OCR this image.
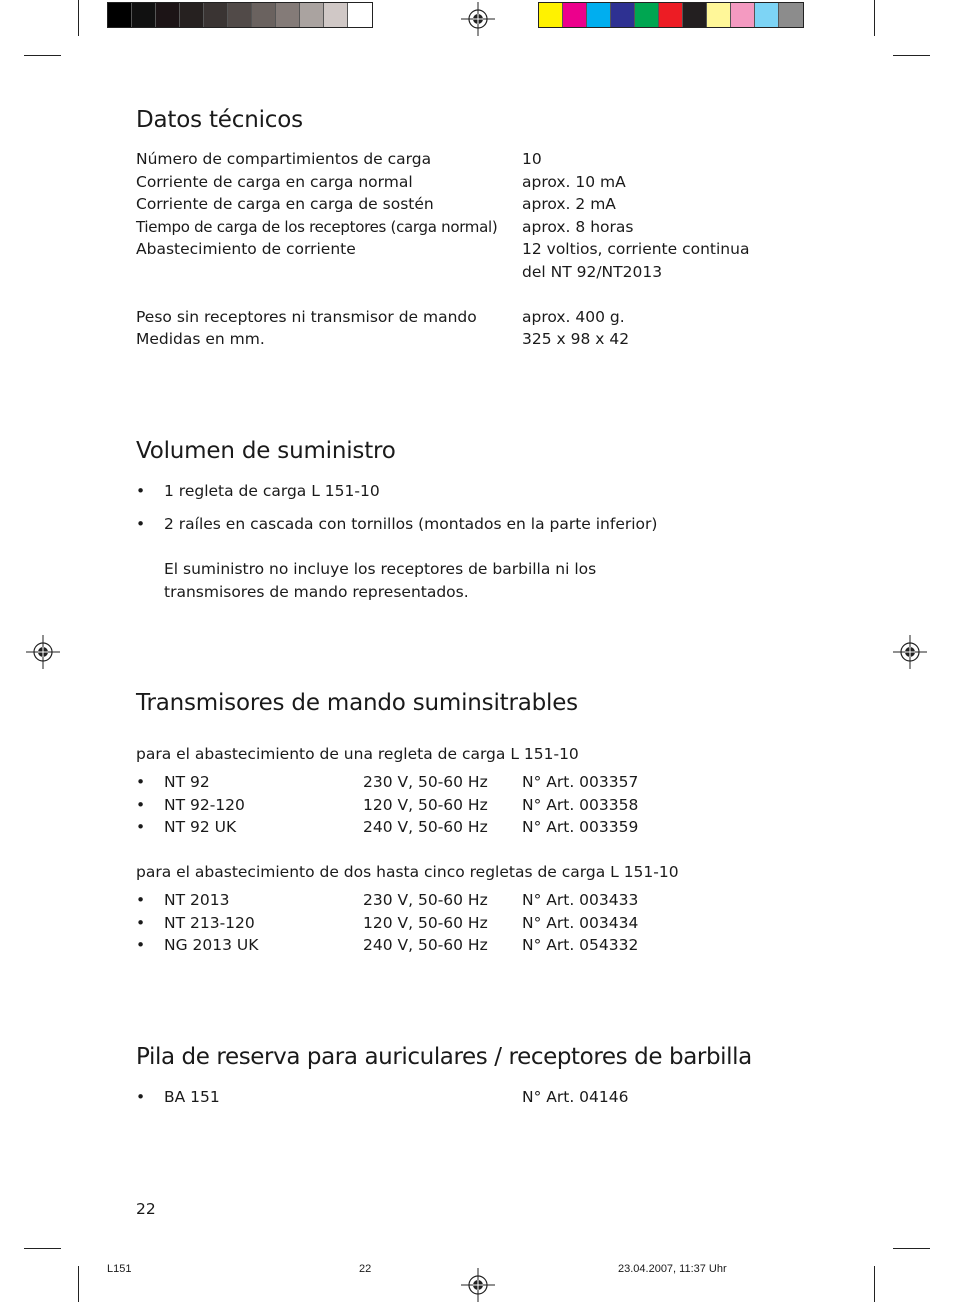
Datos técnicos
Número de compartimientos de carga	10
Corriente de carga en carga normal	aprox. 10 mA
Corriente de carga en carga de sostén	aprox. 2 mA
Tiempo de carga de los receptores (carga normal) aprox. 8 horas
Abastecimiento de corriente	12 voltios, corriente continua
del NT 92/NT2013
Peso sin receptores ni transmisor de mando	aprox. 400 g.
Medidas en mm.	325 x 98 x 42
Volumen de suministro
• 1 regleta de carga L 151-10
• 2 raíles en cascada con tornillos (montados en la parte inferior)
El suministro no incluye los receptores de barbilla ni los
transmisores de mando representados.
Transmisores de mando suminsitrables
para el abastecimiento de una regleta de carga L 151-10
• NT 92	230 V, 50-60 Hz N° Art. 003357
• NT 92-120	120 V, 50-60 Hz N° Art. 003358
• NT 92 UK	240 V, 50-60 Hz N° Art. 003359
para el abastecimiento de dos hasta cinco regletas de carga L 151-10
• NT 2013	230 V, 50-60 Hz N° Art. 003433
• NT 213-120	120 V, 50-60 Hz N° Art. 003434
• NG 2013 UK	240 V, 50-60 Hz N° Art. 054332
Pila de reserva para auriculares / receptores de barbilla
• BA 151	N° Art. 04146
22
L151	22	23.04.2007, 11:37 Uhr
